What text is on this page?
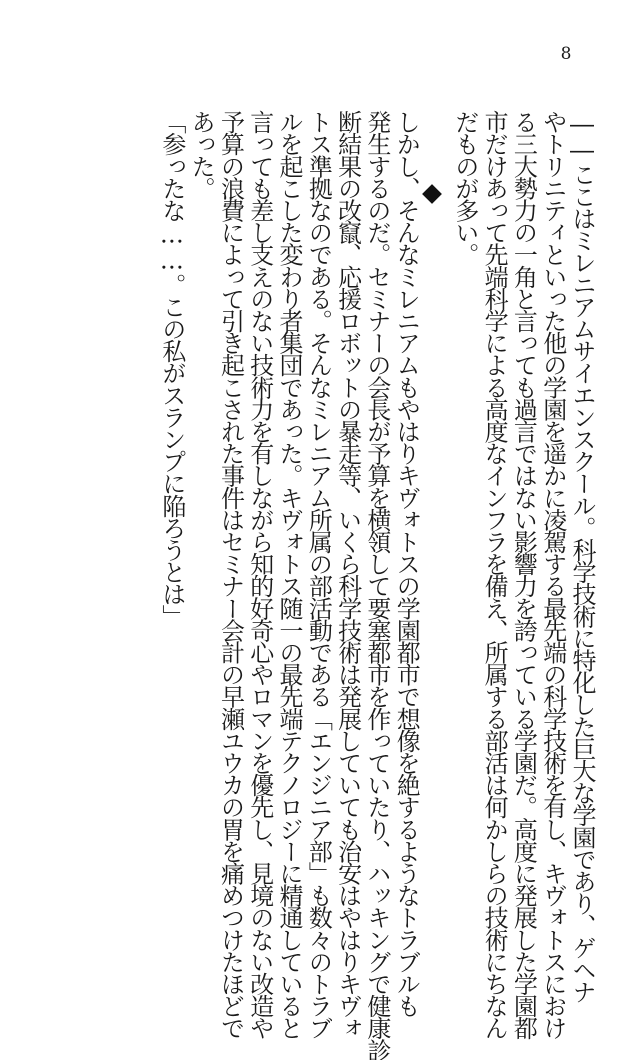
8
――ここはミレニアムサイエンスクール。科学技術に特化した巨大な学園であり、ゲヘナ
やトリニティといった他の学園を遥かに凌駕する最先端の科学技術を有し、キヴォトスにおけ
る三大勢力の一角と言っても過言ではない影響力を誇っている学園だ。高度に発展した学園都
市だけあって先端科学による高度なインフラを備え、所属する部活は何かしらの技術にちなん
だものが多い。
しかし、そんなミレニアムもやはりキヴォトスの学園都市で想像を絶するようなトラブルも
発生するのだ。セミナーの会長が予算を横領して要塞都市を作っていたり、ハッキングで健康診
断結果の改竄、応援ロボットの暴走等、いくら科学技術は発展していても治安はやはりキヴォ
トス準拠なのである。そんなミレニアム所属の部活動である「エンジニア部」も数々のトラブ
ルを起こした変わり者集団であった。キヴォトス随一の最先端テクノロジーに精通していると
言っても差し支えのない技術力を有しながら知的好奇心やロマンを優先し、見境のない改造や
予算の浪費によって引き起こされた事件はセミナー会計の早瀬ユウカの胃を痛めつけたほどで
あった。
「参ったな……。この私がスランプに陥ろうとは」
